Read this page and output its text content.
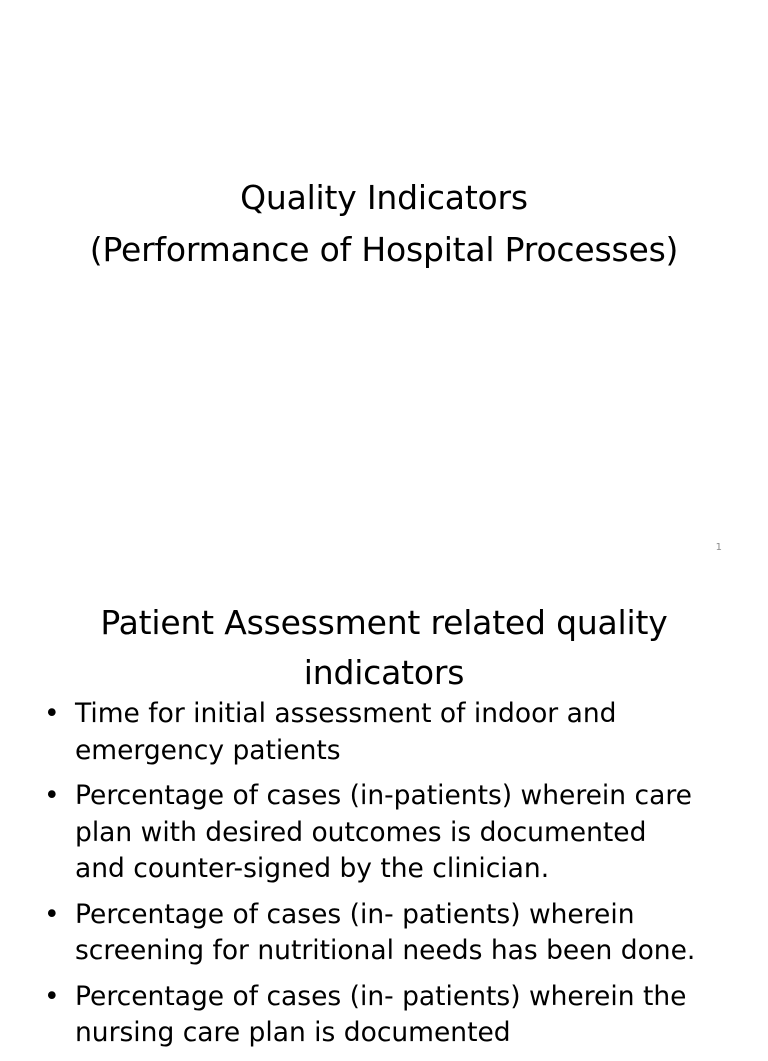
Quality Indicators
(Performance of Hospital Processes)
1
Patient Assessment related quality
indicators
• Time for initial assessment of indoor and
emergency patients
• Percentage of cases (in-patients) wherein care
plan with desired outcomes is documented
and counter-signed by the clinician.
• Percentage of cases (in- patients) wherein
screening for nutritional needs has been done.
• Percentage of cases (in- patients) wherein the
nursing care plan is documented
